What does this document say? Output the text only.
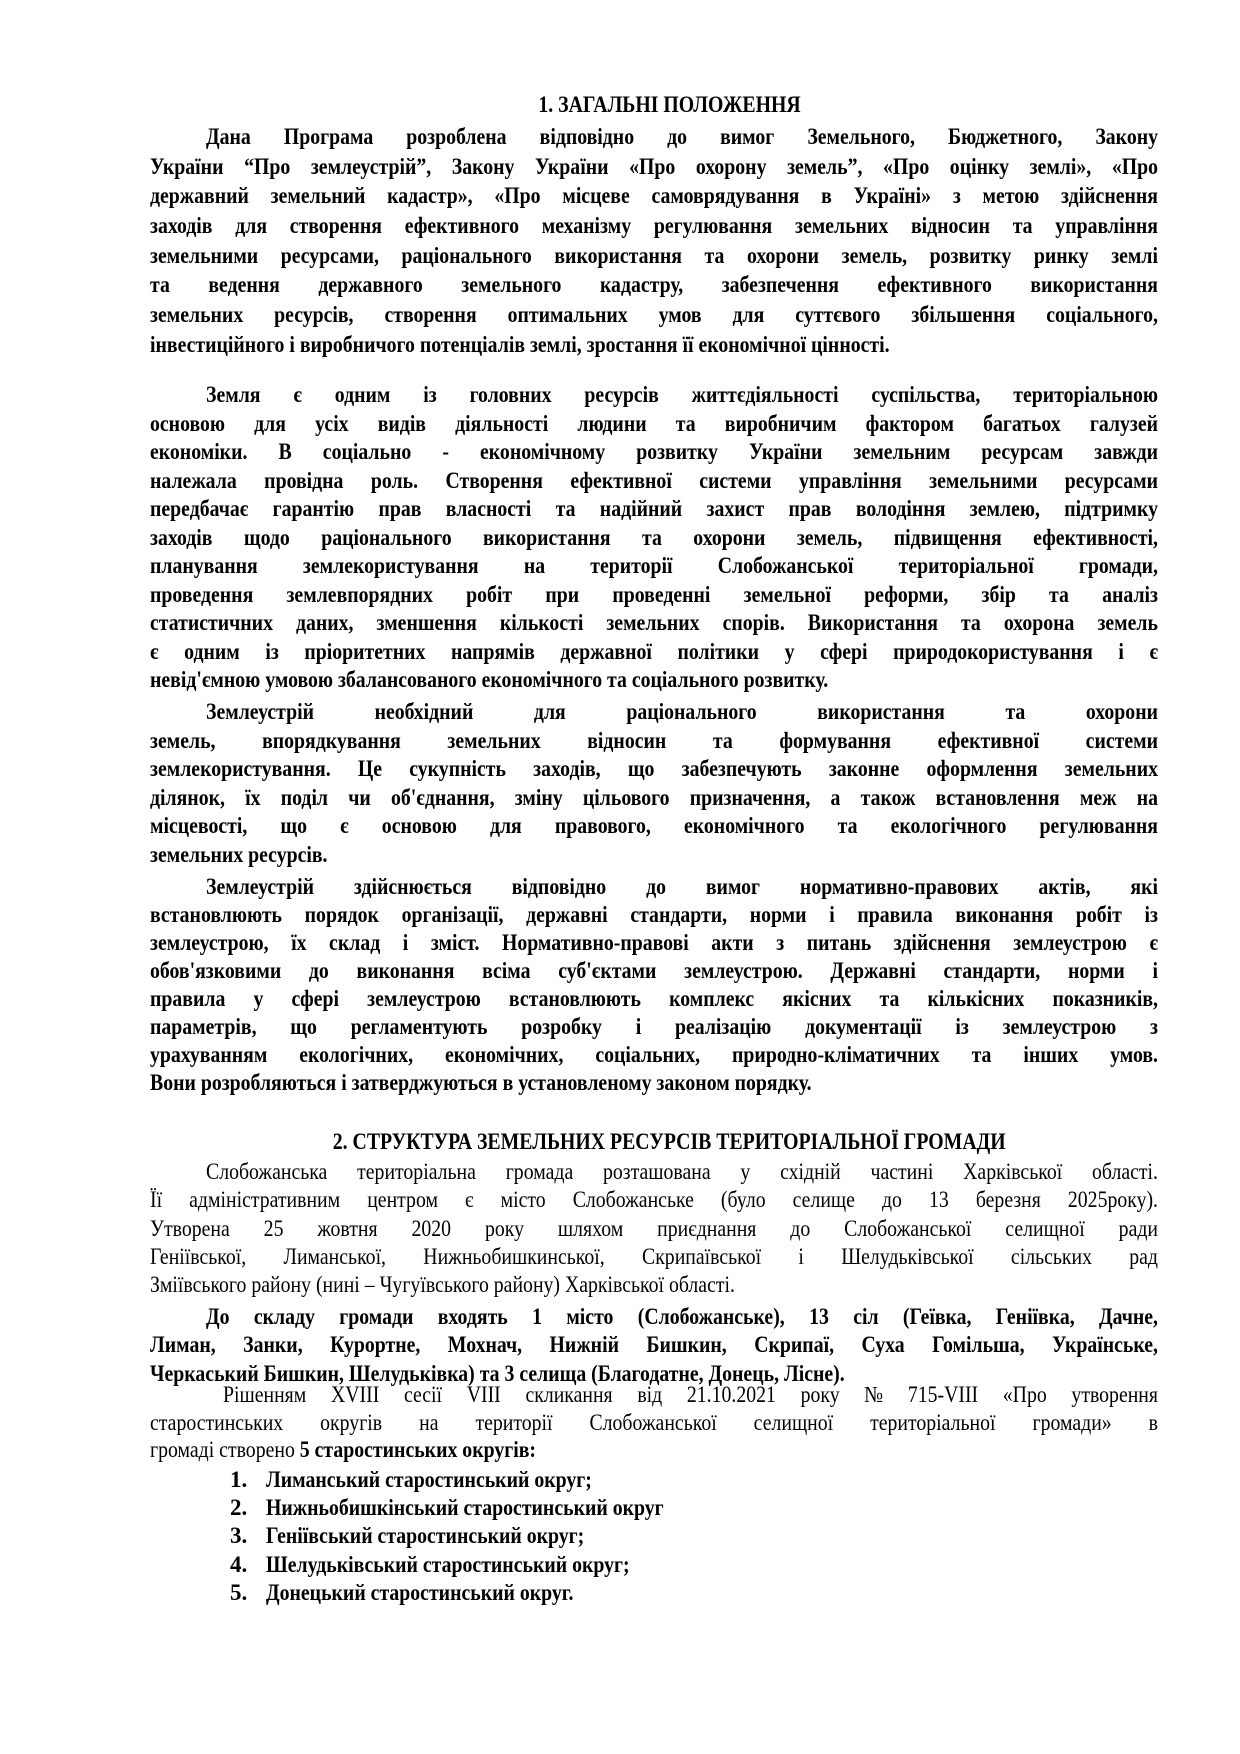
1. ЗАГАЛЬНІ ПОЛОЖЕННЯ
Дана Програма розроблена відповідно до вимог Земельного, Бюджетного, Закону
України “Про землеустрій”, Закону України «Про охорону земель”, «Про оцінку землі», «Про
державний земельний кадастр», «Про місцеве самоврядування в Україні» з метою здійснення
заходів для створення ефективного механізму регулювання земельних відносин та управління
земельними ресурсами, раціонального використання та охорони земель, розвитку ринку землі
та ведення державного земельного кадастру, забезпечення ефективного використання
земельних ресурсів, створення оптимальних умов для суттєвого збільшення соціального,
інвестиційного і виробничого потенціалів землі, зростання її економічної цінності.
Земля є одним із головних ресурсів життєдіяльності суспільства, територіальною
основою для усіх видів діяльності людини та виробничим фактором багатьох галузей
економіки. В соціально - економічному розвитку України земельним ресурсам завжди
належала провідна роль. Створення ефективної системи управління земельними ресурсами
передбачає гарантію прав власності та надійний захист прав володіння землею, підтримку
заходів щодо раціонального використання та охорони земель, підвищення ефективності,
планування землекористування на території Слобожанської територіальної громади,
проведення землевпорядних робіт при проведенні земельної реформи, збір та аналіз
статистичних даних, зменшення кількості земельних спорів. Використання та охорона земель
є одним із пріоритетних напрямів державної політики у сфері природокористування і є
невід'ємною умовою збалансованого економічного та соціального розвитку.
Землеустрій необхідний для раціонального використання та охорони
земель, впорядкування земельних відносин та формування ефективної системи
землекористування. Це сукупність заходів, що забезпечують законне оформлення земельних
ділянок, їх поділ чи об'єднання, зміну цільового призначення, а також встановлення меж на
місцевості, що є основою для правового, економічного та екологічного регулювання
земельних ресурсів.
Землеустрій здійснюється відповідно до вимог нормативно-правових актів, які
встановлюють порядок організації, державні стандарти, норми і правила виконання робіт із
землеустрою, їх склад і зміст. Нормативно-правові акти з питань здійснення землеустрою є
обов'язковими до виконання всіма суб'єктами землеустрою. Державні стандарти, норми і
правила у сфері землеустрою встановлюють комплекс якісних та кількісних показників,
параметрів, що регламентують розробку і реалізацію документації із землеустрою з
урахуванням екологічних, економічних, соціальних, природно-кліматичних та інших умов.
Вони розробляються і затверджуються в установленому законом порядку.
2. СТРУКТУРА ЗЕМЕЛЬНИХ РЕСУРСІВ ТЕРИТОРІАЛЬНОЇ ГРОМАДИ
Слобожанська територіальна громада розташована у східній частині Харківської області.
Її адміністративним центром є місто Слобожанське (було селище до 13 березня 2025року).
Утворена 25 жовтня 2020 року шляхом приєднання до Слобожанської селищної ради
Геніївської, Лиманської, Нижньобишкинської, Скрипаївської і Шелудьківської сільських рад
Зміївського району (нині – Чугуївського району) Харківської області.
До складу громади входять 1 місто (Слобожанське), 13 сіл (Геївка, Геніївка, Дачне,
Лиман, Занки, Курортне, Мохнач, Нижній Бишкин, Скрипаї, Суха Гомільша, Українське,
Черкаський Бишкин, Шелудьківка) та 3 селища (Благодатне, Донець, Лісне).
Рішенням XVIII сесії VIII скликання від 21.10.2021 року № 715-VIII «Про утворення
старостинських округів на території Слобожанської селищної територіальної громади» в
громаді створено 5 старостинських округів:
1. Лиманський старостинський округ;
2. Нижньобишкінський старостинський округ
3. Геніївський старостинський округ;
4. Шелудьківський старостинський округ;
5. Донецький старостинський округ.
